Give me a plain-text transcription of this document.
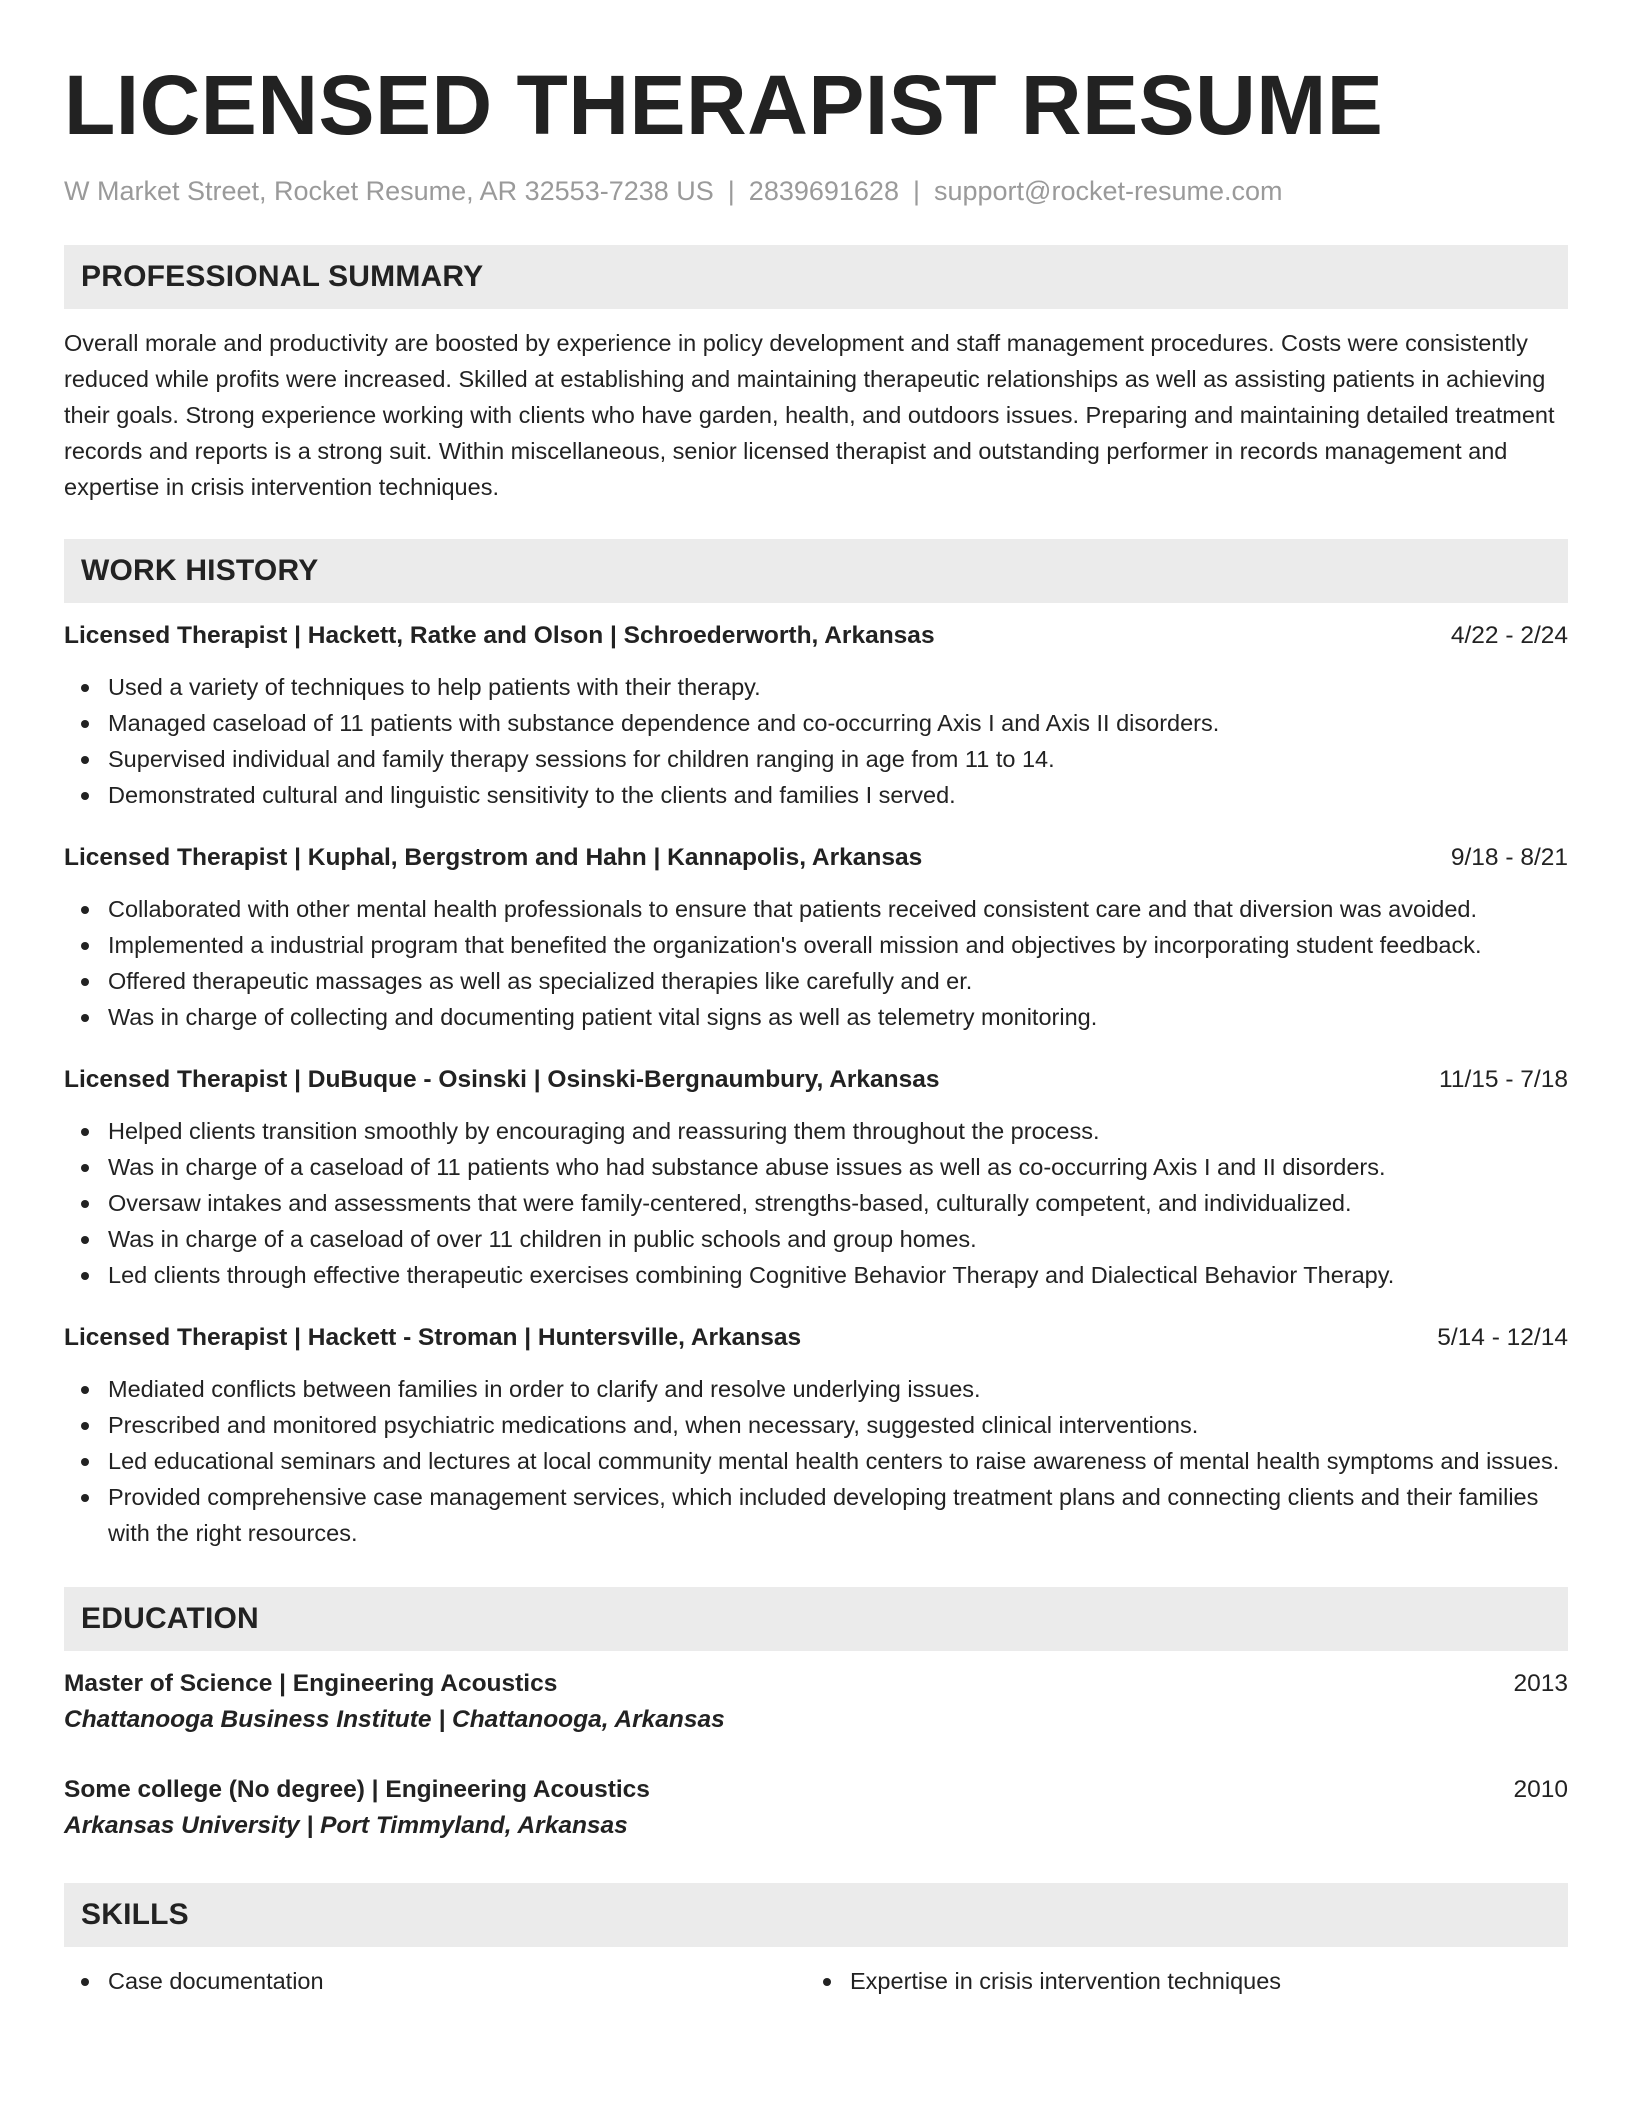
LICENSED THERAPIST RESUME
W Market Street, Rocket Resume, AR 32553-7238 US | 2839691628 | support@rocket-resume.com
PROFESSIONAL SUMMARY

Overall morale and productivity are boosted by experience in policy development and staff management procedures. Costs were consistently reduced while profits were increased. Skilled at establishing and maintaining therapeutic relationships as well as assisting patients in achieving their goals. Strong experience working with clients who have garden, health, and outdoors issues. Preparing and maintaining detailed treatment records and reports is a strong suit. Within miscellaneous, senior licensed therapist and outstanding performer in records management and expertise in crisis intervention techniques.

WORK HISTORY
Licensed Therapist | Hackett, Ratke and Olson | Schroederworth, Arkansas	4/22 - 2/24
Used a variety of techniques to help patients with their therapy.
Managed caseload of 11 patients with substance dependence and co-occurring Axis I and Axis II disorders.
Supervised individual and family therapy sessions for children ranging in age from 11 to 14.
Demonstrated cultural and linguistic sensitivity to the clients and families I served.
Licensed Therapist | Kuphal, Bergstrom and Hahn | Kannapolis, Arkansas	9/18 - 8/21
Collaborated with other mental health professionals to ensure that patients received consistent care and that diversion was avoided.
Implemented a industrial program that benefited the organization's overall mission and objectives by incorporating student feedback.
Offered therapeutic massages as well as specialized therapies like carefully and er.
Was in charge of collecting and documenting patient vital signs as well as telemetry monitoring.
Licensed Therapist | DuBuque - Osinski | Osinski-Bergnaumbury, Arkansas	11/15 - 7/18
Helped clients transition smoothly by encouraging and reassuring them throughout the process.
Was in charge of a caseload of 11 patients who had substance abuse issues as well as co-occurring Axis I and II disorders.
Oversaw intakes and assessments that were family-centered, strengths-based, culturally competent, and individualized.
Was in charge of a caseload of over 11 children in public schools and group homes.
Led clients through effective therapeutic exercises combining Cognitive Behavior Therapy and Dialectical Behavior Therapy.
Licensed Therapist | Hackett - Stroman | Huntersville, Arkansas	5/14 - 12/14
Mediated conflicts between families in order to clarify and resolve underlying issues.
Prescribed and monitored psychiatric medications and, when necessary, suggested clinical interventions.
Led educational seminars and lectures at local community mental health centers to raise awareness of mental health symptoms and issues.
Provided comprehensive case management services, which included developing treatment plans and connecting clients and their families with the right resources.
EDUCATION
Master of Science | Engineering Acoustics	2013
Chattanooga Business Institute | Chattanooga, Arkansas
Some college (No degree) | Engineering Acoustics	2010
Arkansas University | Port Timmyland, Arkansas
SKILLS
Case documentation	Expertise in crisis intervention techniques
